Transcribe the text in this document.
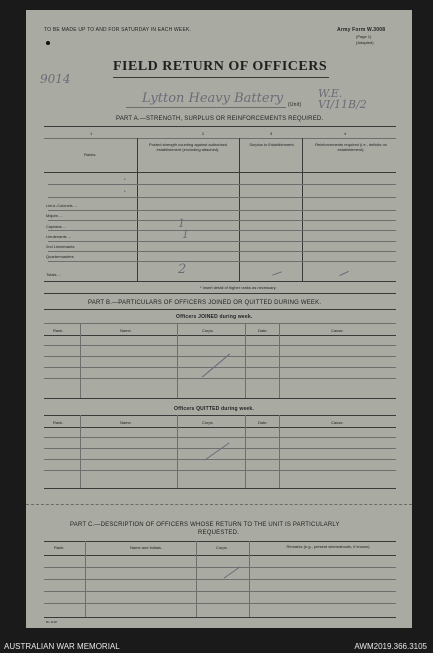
TO BE MADE UP TO AND FOR SATURDAY IN EACH WEEK.	Army Form W.3008
(Page 1)
(Adapted)
9014
FIELD RETURN OF OFFICERS
Lytton Heavy Battery (Unit)
W.E. VI/11B/2
PART A.—STRENGTH, SURPLUS OR REINFORCEMENTS REQUIRED.
1	2	3	4
Ranks.
Posted strength counting against authorised establishment (excluding attached).
Surplus to Establishment.	Reinforcements required (i.e., deficits on establishment).
*
*
Lieut.-Colonels ...
Majors ...
Captains ...	1
Lieutenants ...	1
2nd Lieutenants
Quartermasters
Totals ...	2
* Insert detail of higher ranks as necessary.
PART B.—PARTICULARS OF OFFICERS JOINED OR QUITTED DURING WEEK.
Officers JOINED during week.
Rank.	Name.	Corps.	Date.	Cause.
Officers QUITTED during week.
Rank.	Name.	Corps.	Date.	Cause.
PART C.—DESCRIPTION OF OFFICERS WHOSE RETURN TO THE UNIT IS PARTICULARLY
REQUESTED.
Rank.	Name and Initials.	Corps.	Remarks (e.g., present whereabouts, if known).
Bc 1148
AUSTRALIAN WAR MEMORIAL	AWM2019.366.3105
